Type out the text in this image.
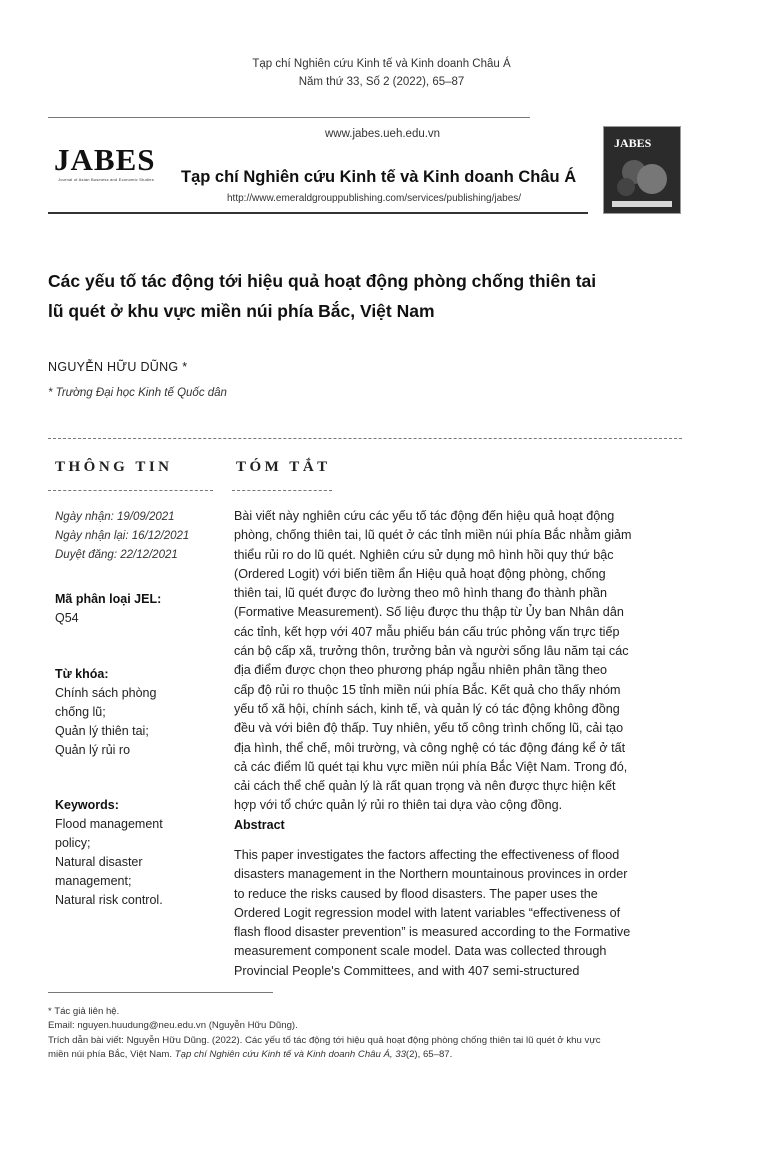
Tạp chí Nghiên cứu Kinh tế và Kinh doanh Châu Á
Năm thứ 33, Số 2 (2022), 65–87
www.jabes.ueh.edu.vn
JABES
Journal of Asian Business and Economic Studies	Tạp chí Nghiên cứu Kinh tế và Kinh doanh Châu Á
http://www.emeraldgrouppublishing.com/services/publishing/jabes/
JABES
Các yếu tố tác động tới hiệu quả hoạt động phòng chống thiên tai
lũ quét ở khu vực miền núi phía Bắc, Việt Nam
NGUYỄN HỮU DŨNG *
* Trường Đại học Kinh tế Quốc dân
THÔNG TIN	TÓM TẮT
Ngày nhận: 19/09/2021
Ngày nhận lại: 16/12/2021
Duyệt đăng: 22/12/2021
Mã phân loại JEL:
Q54
Từ khóa:
Chính sách phòng
chống lũ;
Quản lý thiên tai;
Quản lý rủi ro
Keywords:
Flood management
policy;
Natural disaster
management;
Natural risk control.
Bài viết này nghiên cứu các yếu tố tác động đến hiệu quả hoạt động
phòng, chống thiên tai, lũ quét ở các tỉnh miền núi phía Bắc nhằm giảm
thiểu rủi ro do lũ quét. Nghiên cứu sử dụng mô hình hồi quy thứ bậc
(Ordered Logit) với biến tiềm ẩn Hiệu quả hoạt động phòng, chống
thiên tai, lũ quét được đo lường theo mô hình thang đo thành phần
(Formative Measurement). Số liệu được thu thập từ Ủy ban Nhân dân
các tỉnh, kết hợp với 407 mẫu phiếu bán cấu trúc phỏng vấn trực tiếp
cán bộ cấp xã, trưởng thôn, trưởng bản và người sống lâu năm tại các
địa điểm được chọn theo phương pháp ngẫu nhiên phân tầng theo
cấp độ rủi ro thuộc 15 tỉnh miền núi phía Bắc. Kết quả cho thấy nhóm
yếu tố xã hội, chính sách, kinh tế, và quản lý có tác động không đồng
đều và với biên độ thấp. Tuy nhiên, yếu tố công trình chống lũ, cải tạo
địa hình, thể chế, môi trường, và công nghệ có tác động đáng kể ở tất
cả các điểm lũ quét tại khu vực miền núi phía Bắc Việt Nam. Trong đó,
cải cách thể chế quản lý là rất quan trọng và nên được thực hiện kết
hợp với tổ chức quản lý rủi ro thiên tai dựa vào cộng đồng.
Abstract
This paper investigates the factors affecting the effectiveness of flood
disasters management in the Northern mountainous provinces in order
to reduce the risks caused by flood disasters. The paper uses the
Ordered Logit regression model with latent variables “effectiveness of
flash flood disaster prevention” is measured according to the Formative
measurement component scale model. Data was collected through
Provincial People's Committees, and with 407 semi-structured
* Tác giả liên hệ.
Email: nguyen.huudung@neu.edu.vn (Nguyễn Hữu Dũng).
Trích dẫn bài viết: Nguyễn Hữu Dũng. (2022). Các yếu tố tác động tới hiệu quả hoạt động phòng chống thiên tai lũ quét ở khu vực
miền núi phía Bắc, Việt Nam. Tạp chí Nghiên cứu Kinh tế và Kinh doanh Châu Á, 33(2), 65–87.
